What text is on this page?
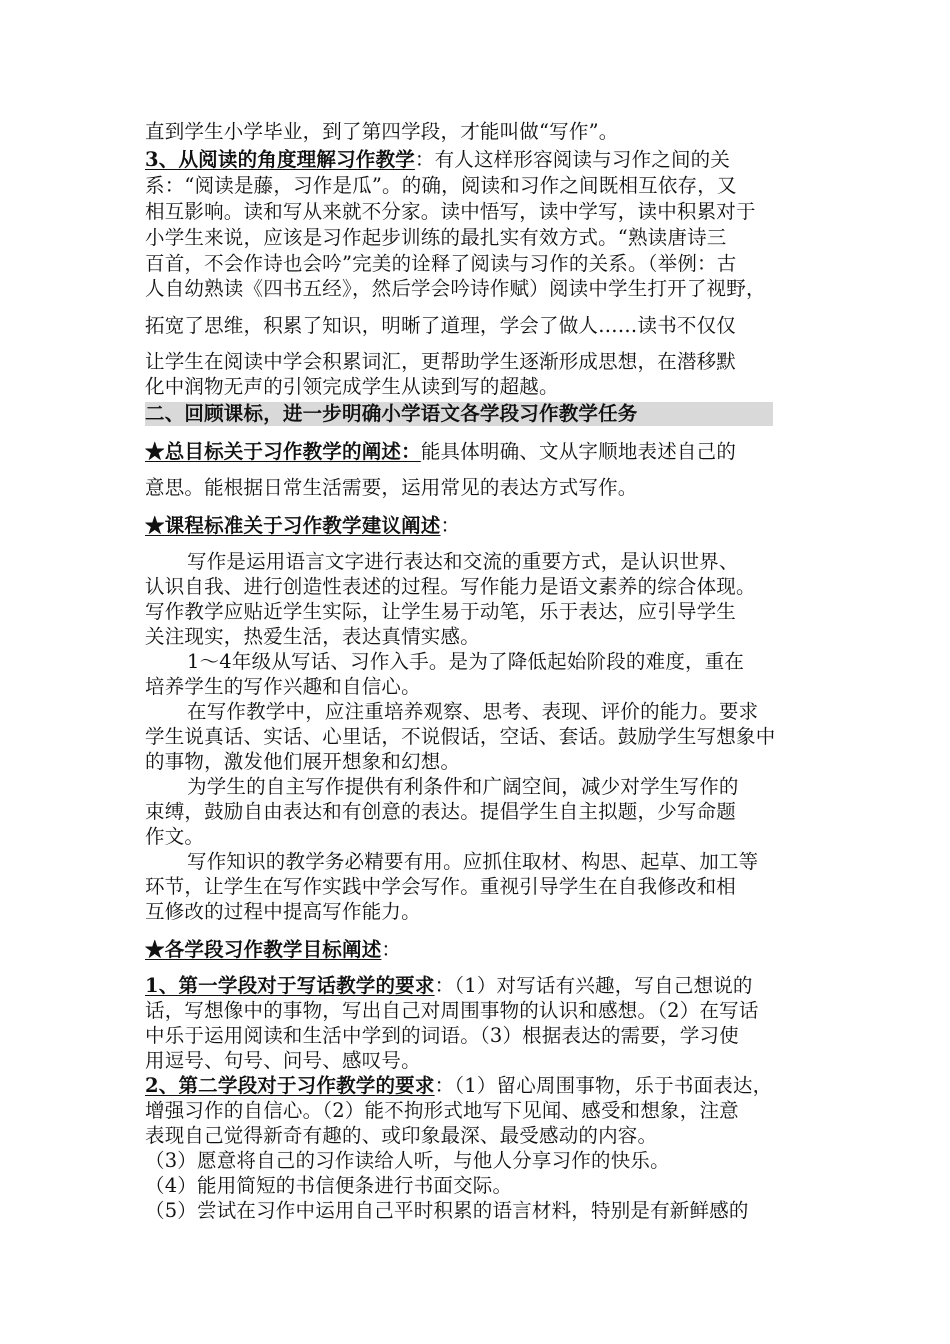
直到学生小学毕业，到了第四学段，才能叫做“写作”。
3、从阅读的角度理解习作教学：有人这样形容阅读与习作之间的关
系：“阅读是藤，习作是瓜”。的确，阅读和习作之间既相互依存，又
相互影响。读和写从来就不分家。读中悟写，读中学写，读中积累对于
小学生来说，应该是习作起步训练的最扎实有效方式。“熟读唐诗三
百首，不会作诗也会吟”完美的诠释了阅读与习作的关系。（举例：古
人自幼熟读《四书五经》，然后学会吟诗作赋）阅读中学生打开了视野，
拓宽了思维，积累了知识，明晰了道理，学会了做人……读书不仅仅
让学生在阅读中学会积累词汇，更帮助学生逐渐形成思想，在潜移默
化中润物无声的引领完成学生从读到写的超越。
二、回顾课标，进一步明确小学语文各学段习作教学任务
★总目标关于习作教学的阐述：能具体明确、文从字顺地表述自己的
意思。能根据日常生活需要，运用常见的表达方式写作。
★课程标准关于习作教学建议阐述：
写作是运用语言文字进行表达和交流的重要方式，是认识世界、
认识自我、进行创造性表述的过程。写作能力是语文素养的综合体现。
写作教学应贴近学生实际，让学生易于动笔，乐于表达，应引导学生
关注现实，热爱生活，表达真情实感。
1～4年级从写话、习作入手。是为了降低起始阶段的难度，重在
培养学生的写作兴趣和自信心。
在写作教学中，应注重培养观察、思考、表现、评价的能力。要求
学生说真话、实话、心里话，不说假话，空话、套话。鼓励学生写想象中
的事物，激发他们展开想象和幻想。
为学生的自主写作提供有利条件和广阔空间，减少对学生写作的
束缚，鼓励自由表达和有创意的表达。提倡学生自主拟题，少写命题
作文。
写作知识的教学务必精要有用。应抓住取材、构思、起草、加工等
环节，让学生在写作实践中学会写作。重视引导学生在自我修改和相
互修改的过程中提高写作能力。
★各学段习作教学目标阐述：
1、第一学段对于写话教学的要求：（1）对写话有兴趣，写自己想说的
话，写想像中的事物，写出自己对周围事物的认识和感想。（2）在写话
中乐于运用阅读和生活中学到的词语。（3）根据表达的需要，学习使
用逗号、句号、问号、感叹号。
2、第二学段对于习作教学的要求：（1）留心周围事物，乐于书面表达，
增强习作的自信心。（2）能不拘形式地写下见闻、感受和想象，注意
表现自己觉得新奇有趣的、或印象最深、最受感动的内容。
（3）愿意将自己的习作读给人听，与他人分享习作的快乐。
（4）能用简短的书信便条进行书面交际。
（5）尝试在习作中运用自己平时积累的语言材料，特别是有新鲜感的
